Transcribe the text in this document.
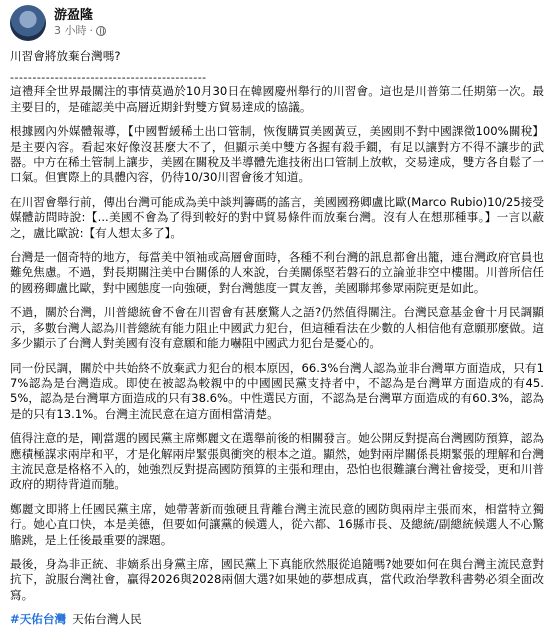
游盈隆
3 小時 ·

川習會將放棄台灣嗎?

--------------------------------------------

這禮拜全世界最關注的事情莫過於10月30日在韓國慶州舉行的川習會。這也是川普第二任期第一次。最主要目的，是確認美中高層近期針對雙方貿易達成的協議。

根據國內外媒體報導，【中國暫緩稀土出口管制，恢復購買美國黃豆，美國則不對中國課徵100%關稅】是主要內容。看起來好像沒甚麼大不了，但顯示美中雙方各握有殺手鐧，有足以讓對方不得不讓步的武器。中方在稀土管制上讓步，美國在關稅及半導體先進技術出口管制上放軟，交易達成，雙方各自鬆了一口氣。但實際上的具體內容，仍待10/30川習會後才知道。

在川習會舉行前，傳出台灣可能成為美中談判籌碼的謠言，美國國務卿盧比歐(Marco Rubio)10/25接受媒體訪問時說:【...美國不會為了得到較好的對中貿易條件而放棄台灣。沒有人在想那種事。】一言以蔽之，盧比歐說:【有人想太多了】。

台灣是一個奇特的地方，每當美中領袖或高層會面時，各種不利台灣的訊息都會出籠，連台灣政府官員也難免焦慮。不過，對長期關注美中台關係的人來說，台美關係堅若磐石的立論並非空中樓閣。川普所信任的國務卿盧比歐，對中國態度一向強硬，對台灣態度一貫友善，美國聯邦參眾兩院更是如此。

不過，關於台灣，川普總統會不會在川習會有甚麼驚人之語?仍然值得關注。台灣民意基金會十月民調顯示，多數台灣人認為川普總統有能力阻止中國武力犯台，但這種看法在少數的人相信他有意願那麼做。這多少顯示了台灣人對美國有沒有意願和能力嚇阻中國武力犯台是憂心的。

同一份民調，關於中共始終不放棄武力犯台的根本原因，66.3%台灣人認為並非台灣單方面造成，只有17%認為是台灣造成。即使在被認為較親中的中國國民黨支持者中，不認為是台灣單方面造成的有45.5%，認為是台灣單方面造成的只有38.6%。中性選民方面，不認為是台灣單方面造成的有60.3%，認為是的只有13.1%。台灣主流民意在這方面相當清楚。

值得注意的是，剛當選的國民黨主席鄭麗文在選舉前後的相關發言。她公開反對提高台灣國防預算，認為應積極謀求兩岸和平，才是化解兩岸緊張與衝突的根本之道。顯然，她對兩岸關係長期緊張的理解和台灣主流民意是格格不入的，她強烈反對提高國防預算的主張和理由，恐怕也很難讓台灣社會接受，更和川普政府的期待背道而馳。

鄭麗文即將上任國民黨主席，她帶著新而強硬且背離台灣主流民意的國防與兩岸主張而來，相當特立獨行。她心直口快，本是美德，但要如何讓黨的候選人，從六都、16縣市長、及總統/副總統候選人不心驚膽跳，是上任後最重要的課題。

最後，身為非正統、非嫡系出身黨主席，國民黨上下真能欣然服從追隨嗎?她要如何在與台灣主流民意對抗下，說服台灣社會，贏得2026與2028兩個大選?如果她的夢想成真，當代政治學教科書勢必須全面改寫。

#天佑台灣 天佑台灣人民
